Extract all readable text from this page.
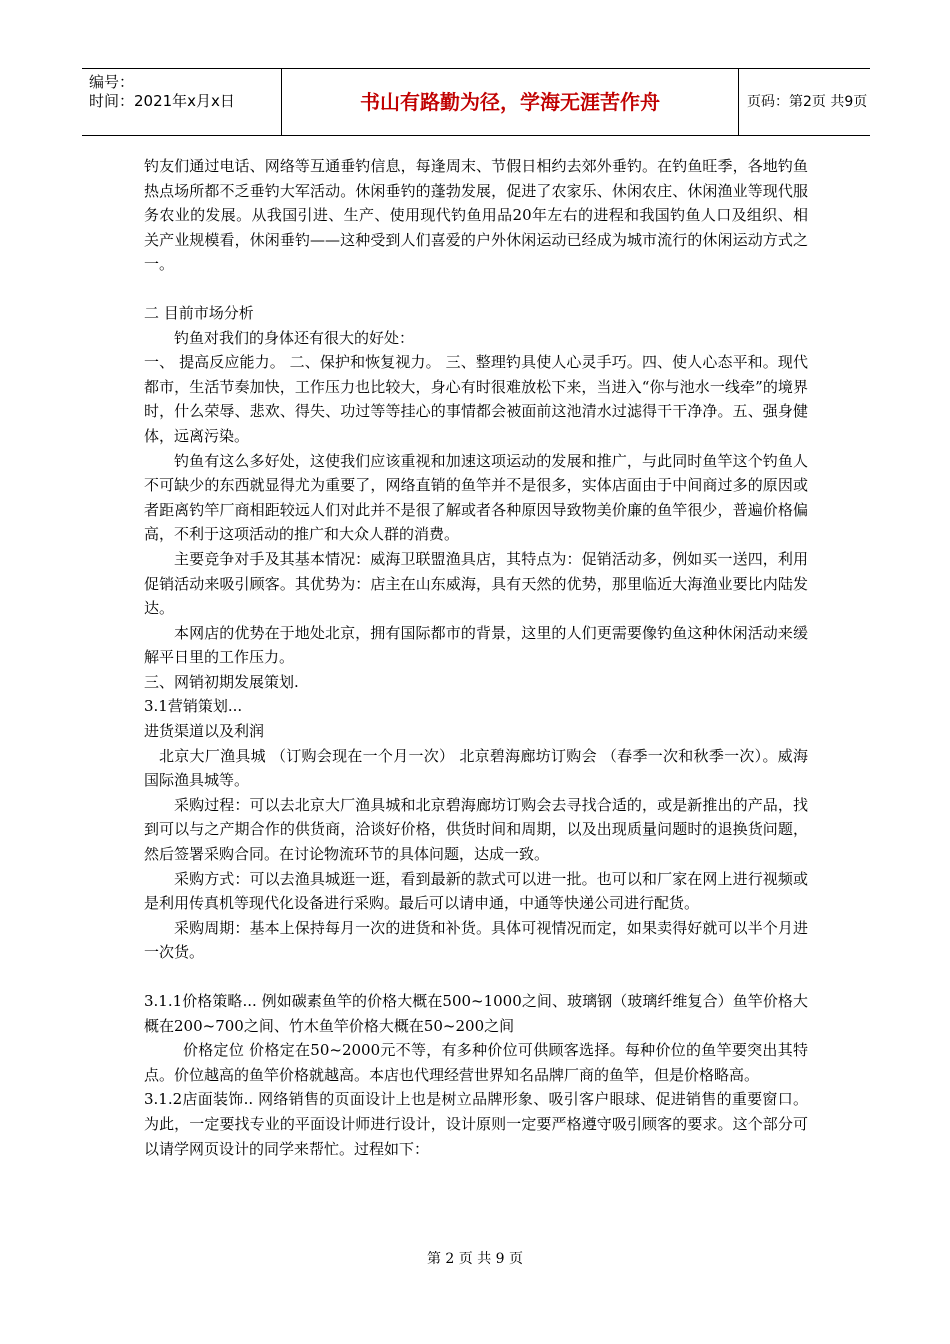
编号：
时间：2021年x月x日	书山有路勤为径，学海无涯苦作舟	页码：第2页 共9页

钓友们通过电话、网络等互通垂钓信息，每逢周末、节假日相约去郊外垂钓。在钓鱼旺季，各地钓鱼热点场所都不乏垂钓大军活动。休闲垂钓的蓬勃发展，促进了农家乐、休闲农庄、休闲渔业等现代服务农业的发展。从我国引进、生产、使用现代钓鱼用品20年左右的进程和我国钓鱼人口及组织、相关产业规模看，休闲垂钓——这种受到人们喜爱的户外休闲运动已经成为城市流行的休闲运动方式之一。

二 目前市场分析

钓鱼对我们的身体还有很大的好处：

一、 提高反应能力。 二、保护和恢复视力。 三、整理钓具使人心灵手巧。四、使人心态平和。现代都市，生活节奏加快，工作压力也比较大，身心有时很难放松下来，当进入“你与池水一线牵”的境界时，什么荣辱、悲欢、得失、功过等等挂心的事情都会被面前这池清水过滤得干干净净。五、强身健体，远离污染。

钓鱼有这么多好处，这使我们应该重视和加速这项运动的发展和推广，与此同时鱼竿这个钓鱼人不可缺少的东西就显得尤为重要了，网络直销的鱼竿并不是很多，实体店面由于中间商过多的原因或者距离钓竿厂商相距较远人们对此并不是很了解或者各种原因导致物美价廉的鱼竿很少，普遍价格偏高，不利于这项活动的推广和大众人群的消费。

主要竞争对手及其基本情况：威海卫联盟渔具店，其特点为：促销活动多，例如买一送四，利用促销活动来吸引顾客。其优势为：店主在山东威海，具有天然的优势，那里临近大海渔业要比内陆发达。

本网店的优势在于地处北京，拥有国际都市的背景，这里的人们更需要像钓鱼这种休闲活动来缓解平日里的工作压力。

三、网销初期发展策划.

3.1营销策划...

进货渠道以及利润

北京大厂渔具城 （订购会现在一个月一次） 北京碧海廊坊订购会 （春季一次和秋季一次）。威海国际渔具城等。

采购过程：可以去北京大厂渔具城和北京碧海廊坊订购会去寻找合适的，或是新推出的产品，找到可以与之产期合作的供货商，洽谈好价格，供货时间和周期，以及出现质量问题时的退换货问题，然后签署采购合同。在讨论物流环节的具体问题，达成一致。

采购方式：可以去渔具城逛一逛，看到最新的款式可以进一批。也可以和厂家在网上进行视频或是利用传真机等现代化设备进行采购。最后可以请申通，中通等快递公司进行配货。

采购周期：基本上保持每月一次的进货和补货。具体可视情况而定，如果卖得好就可以半个月进一次货。

3.1.1价格策略... 例如碳素鱼竿的价格大概在500~1000之间、玻璃钢（玻璃纤维复合）鱼竿价格大概在200~700之间、竹木鱼竿价格大概在50~200之间

价格定位 价格定在50~2000元不等，有多种价位可供顾客选择。每种价位的鱼竿要突出其特点。价位越高的鱼竿价格就越高。本店也代理经营世界知名品牌厂商的鱼竿，但是价格略高。

3.1.2店面装饰.. 网络销售的页面设计上也是树立品牌形象、吸引客户眼球、促进销售的重要窗口。为此，一定要找专业的平面设计师进行设计，设计原则一定要严格遵守吸引顾客的要求。这个部分可以请学网页设计的同学来帮忙。过程如下：

第 2 页 共 9 页
